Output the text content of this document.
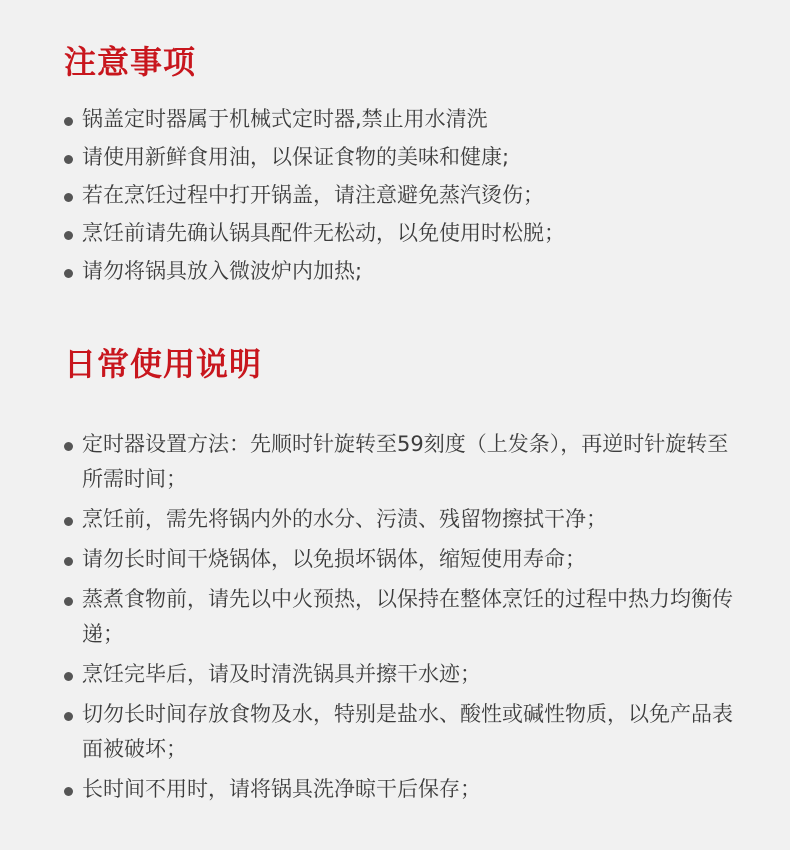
注意事项
锅盖定时器属于机械式定时器,禁止用水清洗
请使用新鲜食用油，以保证食物的美味和健康;
若在烹饪过程中打开锅盖，请注意避免蒸汽烫伤；
烹饪前请先确认锅具配件无松动，以免使用时松脱；
请勿将锅具放入微波炉内加热;
日常使用说明
定时器设置方法：先顺时针旋转至59刻度（上发条），再逆时针旋转至所需时间；
烹饪前，需先将锅内外的水分、污渍、残留物擦拭干净；
请勿长时间干烧锅体，以免损坏锅体，缩短使用寿命；
蒸煮食物前，请先以中火预热，以保持在整体烹饪的过程中热力均衡传递；
烹饪完毕后，请及时清洗锅具并擦干水迹；
切勿长时间存放食物及水，特别是盐水、酸性或碱性物质，以免产品表面被破坏；
长时间不用时，请将锅具洗净晾干后保存；
